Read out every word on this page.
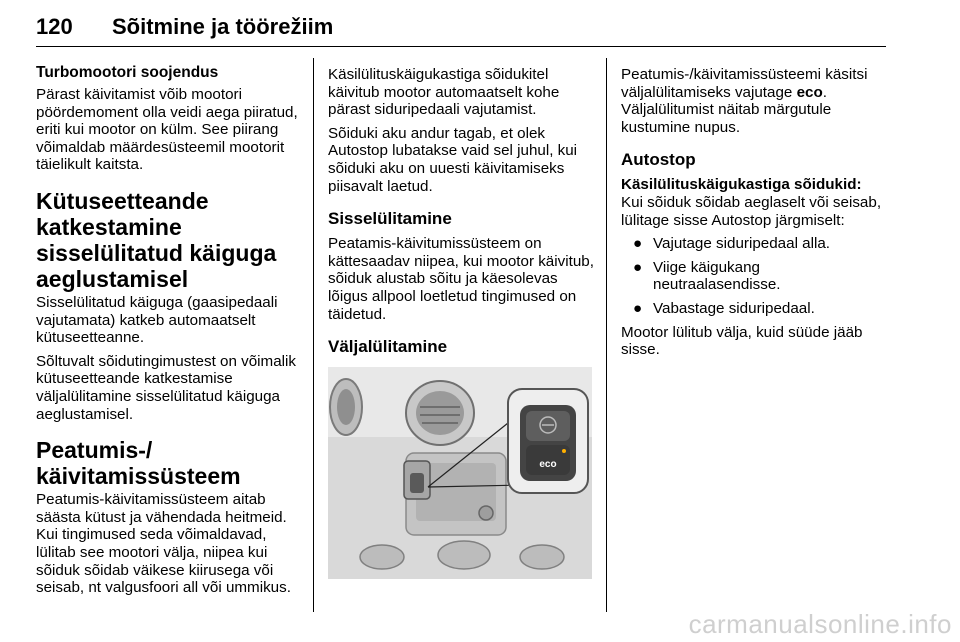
120 Sõitmine ja töörežiim
Turbomootori soojendus

Pärast käivitamist võib mootori pöördemoment olla veidi aega piiratud, eriti kui mootor on külm. See piirang võimaldab määrdesüsteemil mootorit täielikult kaitsta.

Kütuseetteande katkestamine sisselülitatud käiguga aeglustamisel

Sisselülitatud käiguga (gaasipedaali vajutamata) katkeb automaatselt kütuseetteanne.

Sõltuvalt sõidutingimustest on võimalik kütuseetteande katkestamise väljalülitamine sisselülitatud käiguga aeglustamisel.

Peatumis-/ käivitamissüsteem

Peatumis-käivitamissüsteem aitab säästa kütust ja vähendada heitmeid. Kui tingimused seda võimaldavad, lülitab see mootori välja, niipea kui sõiduk sõidab väikese kiirusega või seisab, nt valgusfoori all või ummikus.

Käsilülituskäigukastiga sõidukitel käivitub mootor automaatselt kohe pärast siduripedaali vajutamist.

Sõiduki aku andur tagab, et olek Autostop lubatakse vaid sel juhul, kui sõiduki aku on uuesti käivitamiseks piisavalt laetud.

Sisselülitamine

Peatamis-käivitumissüsteem on kättesaadav niipea, kui mootor käivitub, sõiduk alustab sõitu ja käesolevas lõigus allpool loetletud tingimused on täidetud.

Väljalülitamine
eco

Peatumis-/käivitamissüsteemi käsitsi väljalülitamiseks vajutage eco. Väljalülitumist näitab märgutule kustumine nupus.

Autostop

Käsilülituskäigukastiga sõidukid:
Kui sõiduk sõidab aeglaselt või seisab, lülitage sisse Autostop järgmiselt:

● Vajutage siduripedaal alla.
● Viige käigukang neutraalasendisse.
● Vabastage siduripedaal.

Mootor lülitub välja, kuid süüde jääb sisse.

carmanualsonline.info
